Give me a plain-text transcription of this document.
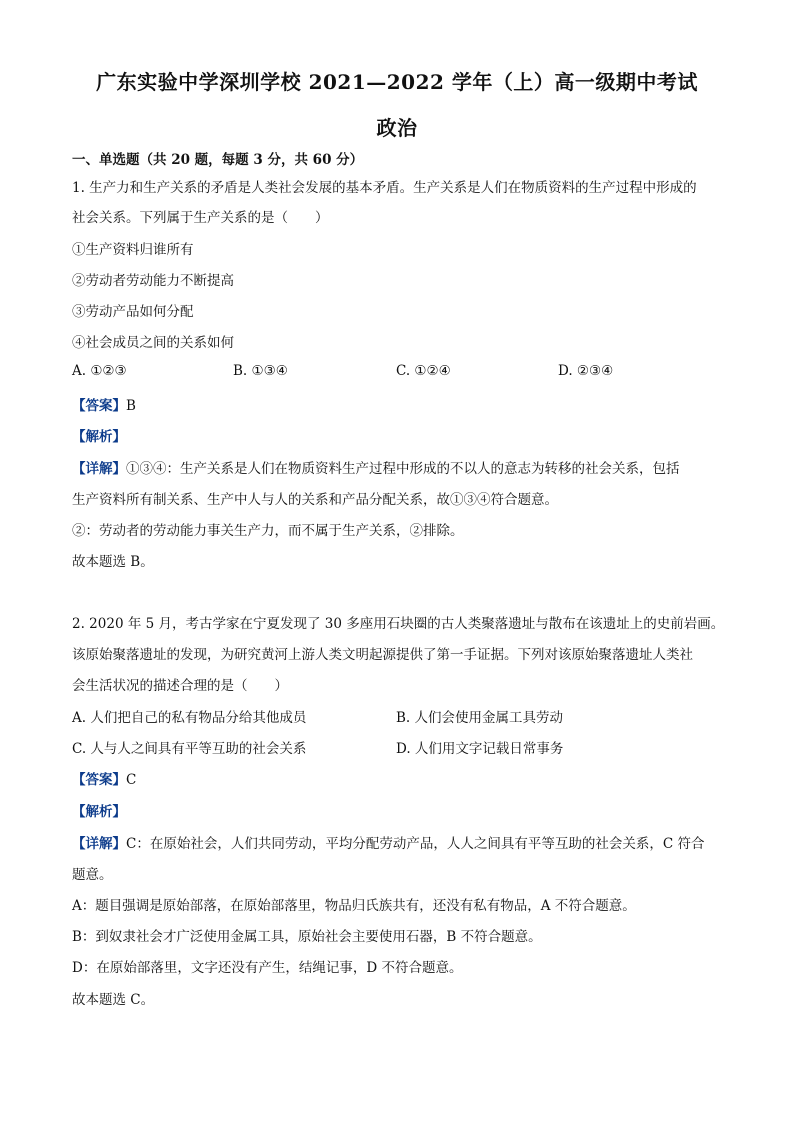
广东实验中学深圳学校 2021—2022 学年（上）高一级期中考试
政治
一、单选题（共 20 题，每题 3 分，共 60 分）
1. 生产力和生产关系的矛盾是人类社会发展的基本矛盾。生产关系是人们在物质资料的生产过程中形成的
社会关系。下列属于生产关系的是（　　）
①生产资料归谁所有
②劳动者劳动能力不断提高
③劳动产品如何分配
④社会成员之间的关系如何
A. ①②③	B. ①③④	C. ①②④	D. ②③④
【答案】B
【解析】
【详解】①③④：生产关系是人们在物质资料生产过程中形成的不以人的意志为转移的社会关系，包括
生产资料所有制关系、生产中人与人的关系和产品分配关系，故①③④符合题意。
②：劳动者的劳动能力事关生产力，而不属于生产关系，②排除。
故本题选 B。
2. 2020 年 5 月，考古学家在宁夏发现了 30 多座用石块圈的古人类聚落遗址与散布在该遗址上的史前岩画。
该原始聚落遗址的发现，为研究黄河上游人类文明起源提供了第一手证据。下列对该原始聚落遗址人类社
会生活状况的描述合理的是（　　）
A. 人们把自己的私有物品分给其他成员	B. 人们会使用金属工具劳动
C. 人与人之间具有平等互助的社会关系	D. 人们用文字记载日常事务
【答案】C
【解析】
【详解】C：在原始社会，人们共同劳动，平均分配劳动产品，人人之间具有平等互助的社会关系，C 符合
题意。
A：题目强调是原始部落，在原始部落里，物品归氏族共有，还没有私有物品，A 不符合题意。
B：到奴隶社会才广泛使用金属工具，原始社会主要使用石器，B 不符合题意。
D：在原始部落里，文字还没有产生，结绳记事，D 不符合题意。
故本题选 C。
